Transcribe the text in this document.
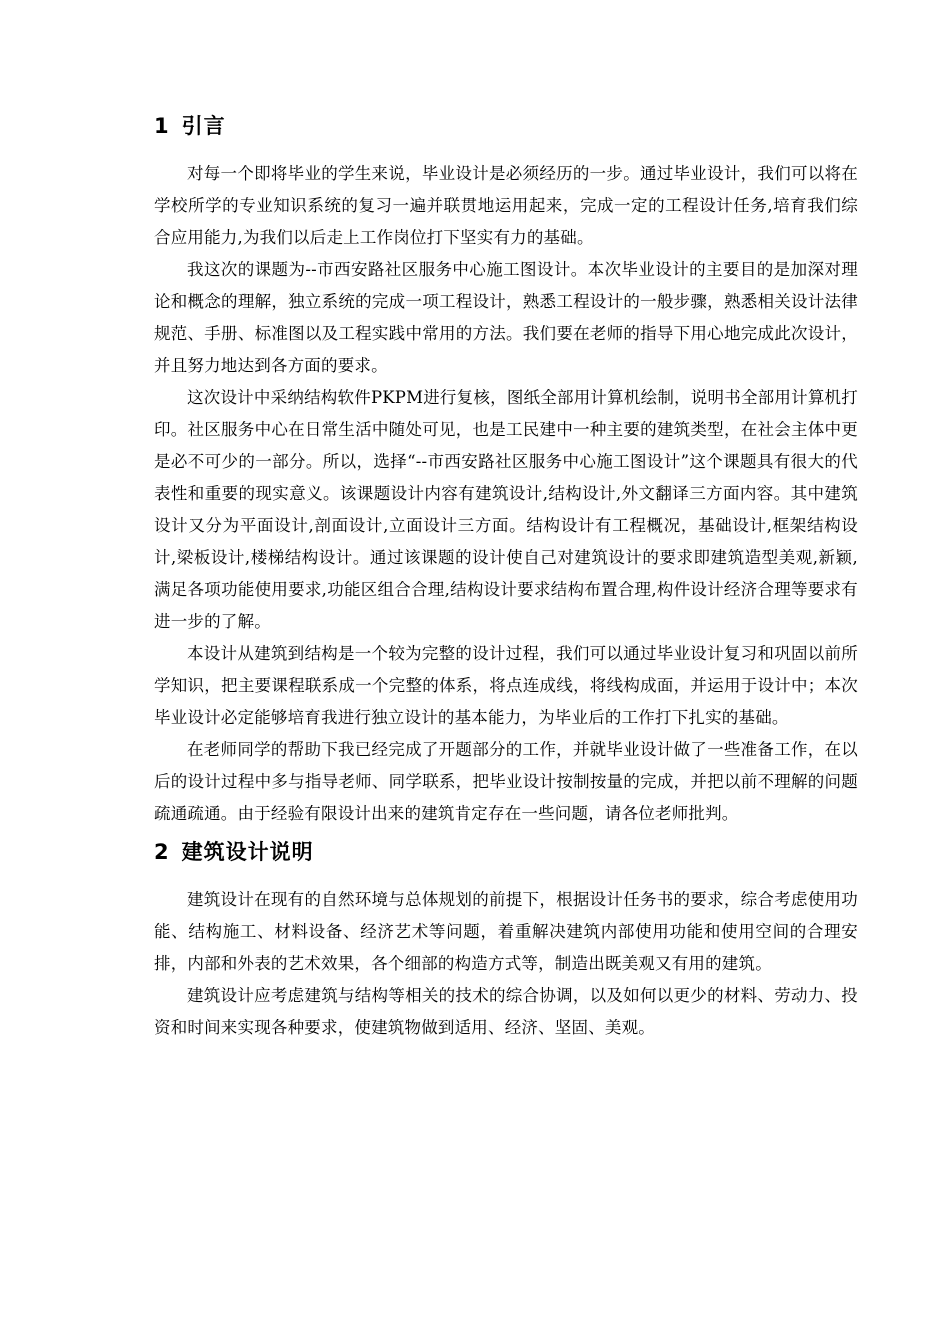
1 引言

对每一个即将毕业的学生来说，毕业设计是必须经历的一步。通过毕业设计，我们可以将在学校所学的专业知识系统的复习一遍并联贯地运用起来，完成一定的工程设计任务,培育我们综合应用能力,为我们以后走上工作岗位打下坚实有力的基础。

我这次的课题为--市西安路社区服务中心施工图设计。本次毕业设计的主要目的是加深对理论和概念的理解，独立系统的完成一项工程设计，熟悉工程设计的一般步骤，熟悉相关设计法律规范、手册、标准图以及工程实践中常用的方法。我们要在老师的指导下用心地完成此次设计，并且努力地达到各方面的要求。

这次设计中采纳结构软件PKPM进行复核，图纸全部用计算机绘制，说明书全部用计算机打印。社区服务中心在日常生活中随处可见，也是工民建中一种主要的建筑类型，在社会主体中更是必不可少的一部分。所以，选择“--市西安路社区服务中心施工图设计”这个课题具有很大的代表性和重要的现实意义。该课题设计内容有建筑设计,结构设计,外文翻译三方面内容。其中建筑设计又分为平面设计,剖面设计,立面设计三方面。结构设计有工程概况，基础设计,框架结构设计,梁板设计,楼梯结构设计。通过该课题的设计使自己对建筑设计的要求即建筑造型美观,新颖,满足各项功能使用要求,功能区组合合理,结构设计要求结构布置合理,构件设计经济合理等要求有进一步的了解。

本设计从建筑到结构是一个较为完整的设计过程，我们可以通过毕业设计复习和巩固以前所学知识，把主要课程联系成一个完整的体系，将点连成线，将线构成面，并运用于设计中；本次毕业设计必定能够培育我进行独立设计的基本能力，为毕业后的工作打下扎实的基础。

在老师同学的帮助下我已经完成了开题部分的工作，并就毕业设计做了一些准备工作，在以后的设计过程中多与指导老师、同学联系，把毕业设计按制按量的完成，并把以前不理解的问题疏通疏通。由于经验有限设计出来的建筑肯定存在一些问题，请各位老师批判。

2 建筑设计说明

建筑设计在现有的自然环境与总体规划的前提下，根据设计任务书的要求，综合考虑使用功能、结构施工、材料设备、经济艺术等问题，着重解决建筑内部使用功能和使用空间的合理安排，内部和外表的艺术效果，各个细部的构造方式等，制造出既美观又有用的建筑。

建筑设计应考虑建筑与结构等相关的技术的综合协调，以及如何以更少的材料、劳动力、投资和时间来实现各种要求，使建筑物做到适用、经济、坚固、美观。
